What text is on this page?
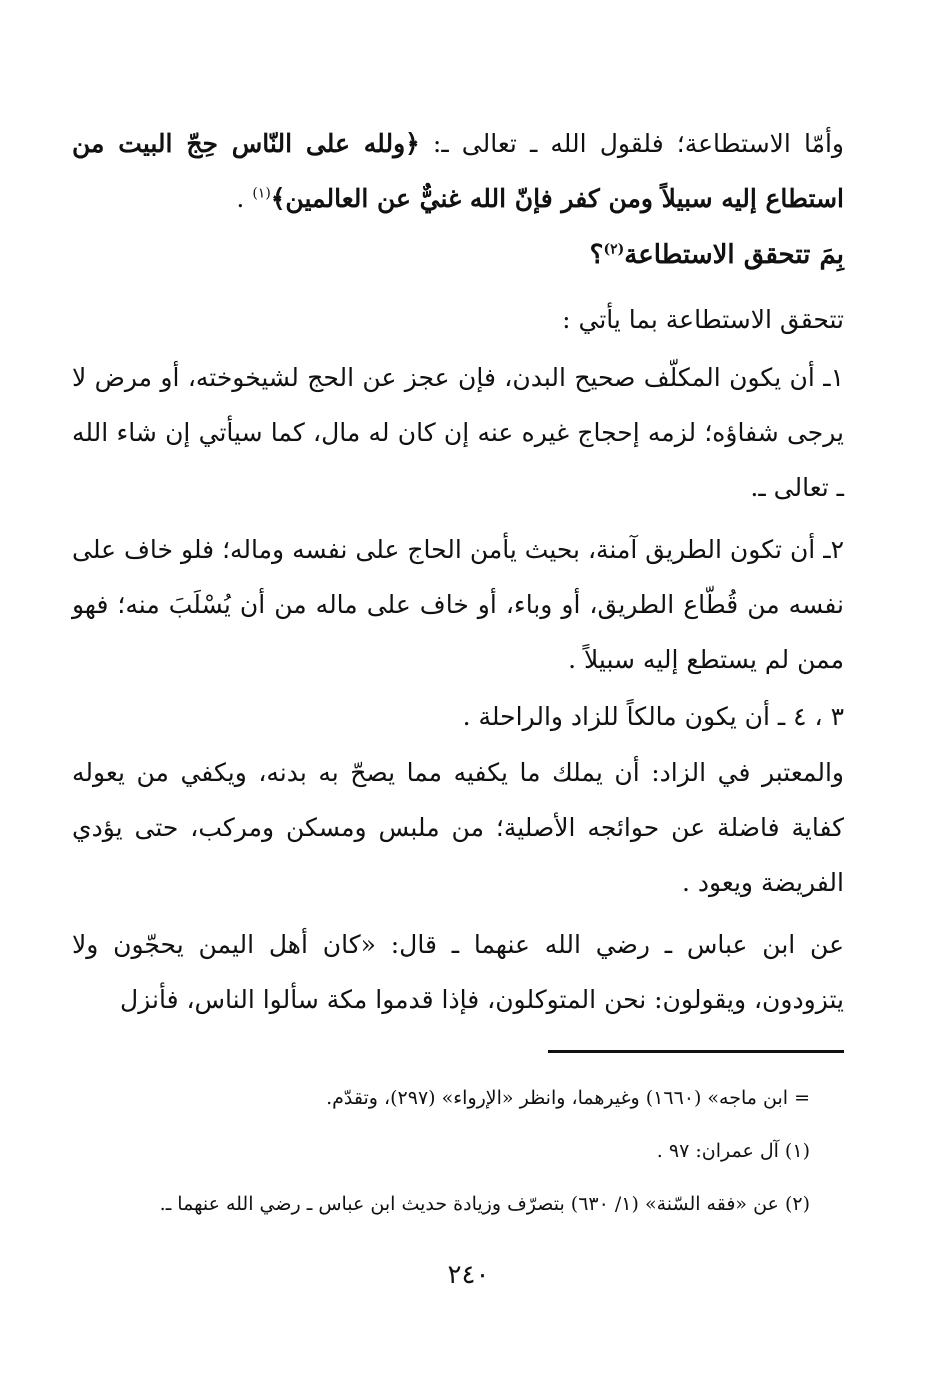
وأمّا الاستطاعة؛ فلقول الله ـ تعالى ـ: ﴿ولله على النّاس حِجّ البيت من استطاع إليه سبيلاً ومن كفر فإنّ الله غنيٌّ عن العالمين﴾$^{(١)}$ .
بِمَ تتحقق الاستطاعة$^{(٢)}$؟
تتحقق الاستطاعة بما يأتي :
١ـ أن يكون المكلّف صحيح البدن، فإن عجز عن الحج لشيخوخته، أو مرض لا يرجى شفاؤه؛ لزمه إحجاج غيره عنه إن كان له مال، كما سيأتي إن شاء الله ـ تعالى ـ.
٢ـ أن تكون الطريق آمنة، بحيث يأمن الحاج على نفسه وماله؛ فلو خاف على نفسه من قُطّاع الطريق، أو وباء، أو خاف على ماله من أن يُسْلَبَ منه؛ فهو ممن لم يستطع إليه سبيلاً .
٣ ، ٤ ـ أن يكون مالكاً للزاد والراحلة .
والمعتبر في الزاد: أن يملك ما يكفيه مما يصحّ به بدنه، ويكفي من يعوله كفاية فاضلة عن حوائجه الأصلية؛ من ملبس ومسكن ومركب، حتى يؤدي الفريضة ويعود .
عن ابن عباس ـ رضي الله عنهما ـ قال: «كان أهل اليمن يحجّون ولا يتزودون، ويقولون: نحن المتوكلون، فإذا قدموا مكة سألوا الناس، فأنزل
= ابن ماجه» (١٦٦٠) وغيرهما، وانظر «الإرواء» (٢٩٧)، وتقدّم.
(١) آل عمران: ٩٧ .
(٢) عن «فقه السّنة» (١/ ٦٣٠) بتصرّف وزيادة حديث ابن عباس ـ رضي الله عنهما ـ.
٢٤٠
